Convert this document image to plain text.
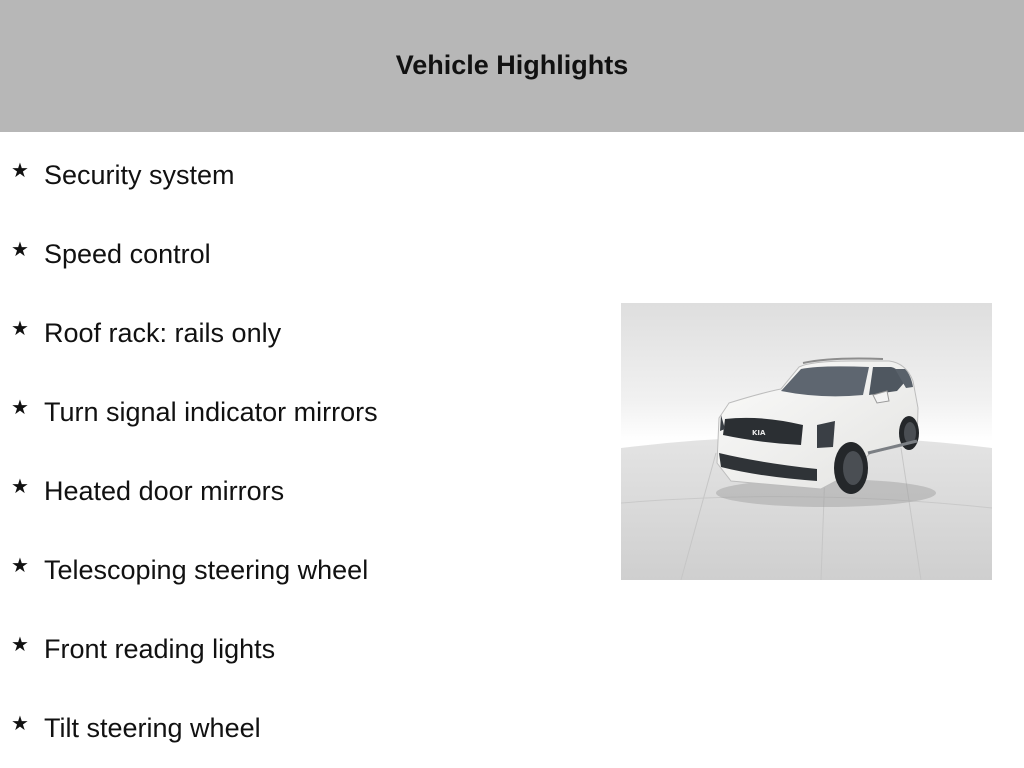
Vehicle Highlights
★ Security system
★ Speed control
★ Roof rack: rails only
★ Turn signal indicator mirrors
★ Heated door mirrors
★ Telescoping steering wheel
★ Front reading lights
★ Tilt steering wheel
KIA
